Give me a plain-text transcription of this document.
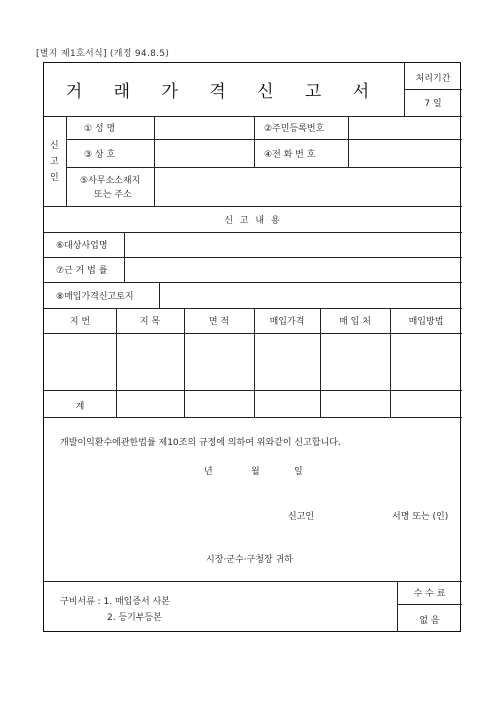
[별지 제1호서식] (개정 94.8.5)
거 래 가 격 신 고 서
처리기간
7 일
신고인
① 성 명	②주민등록번호
③ 상 호	④전 화 번 호
⑤사무소소재지
또는 주소
신 고 내 용
⑥대상사업명
⑦근 거 법 률
⑧매입가격신고토지
지 번	지 목	면 적	매입가격	매 입 처	매입방법
계
개발이익환수에관한법률 제10조의 규정에 의하여 위와같이 신고합니다.
년	월	일
신고인	서명 또는 (인)
시장·군수·구청장 귀하
구비서류 : 1. 매입증서 사본
2. 등기부등본
수 수 료
없 음
